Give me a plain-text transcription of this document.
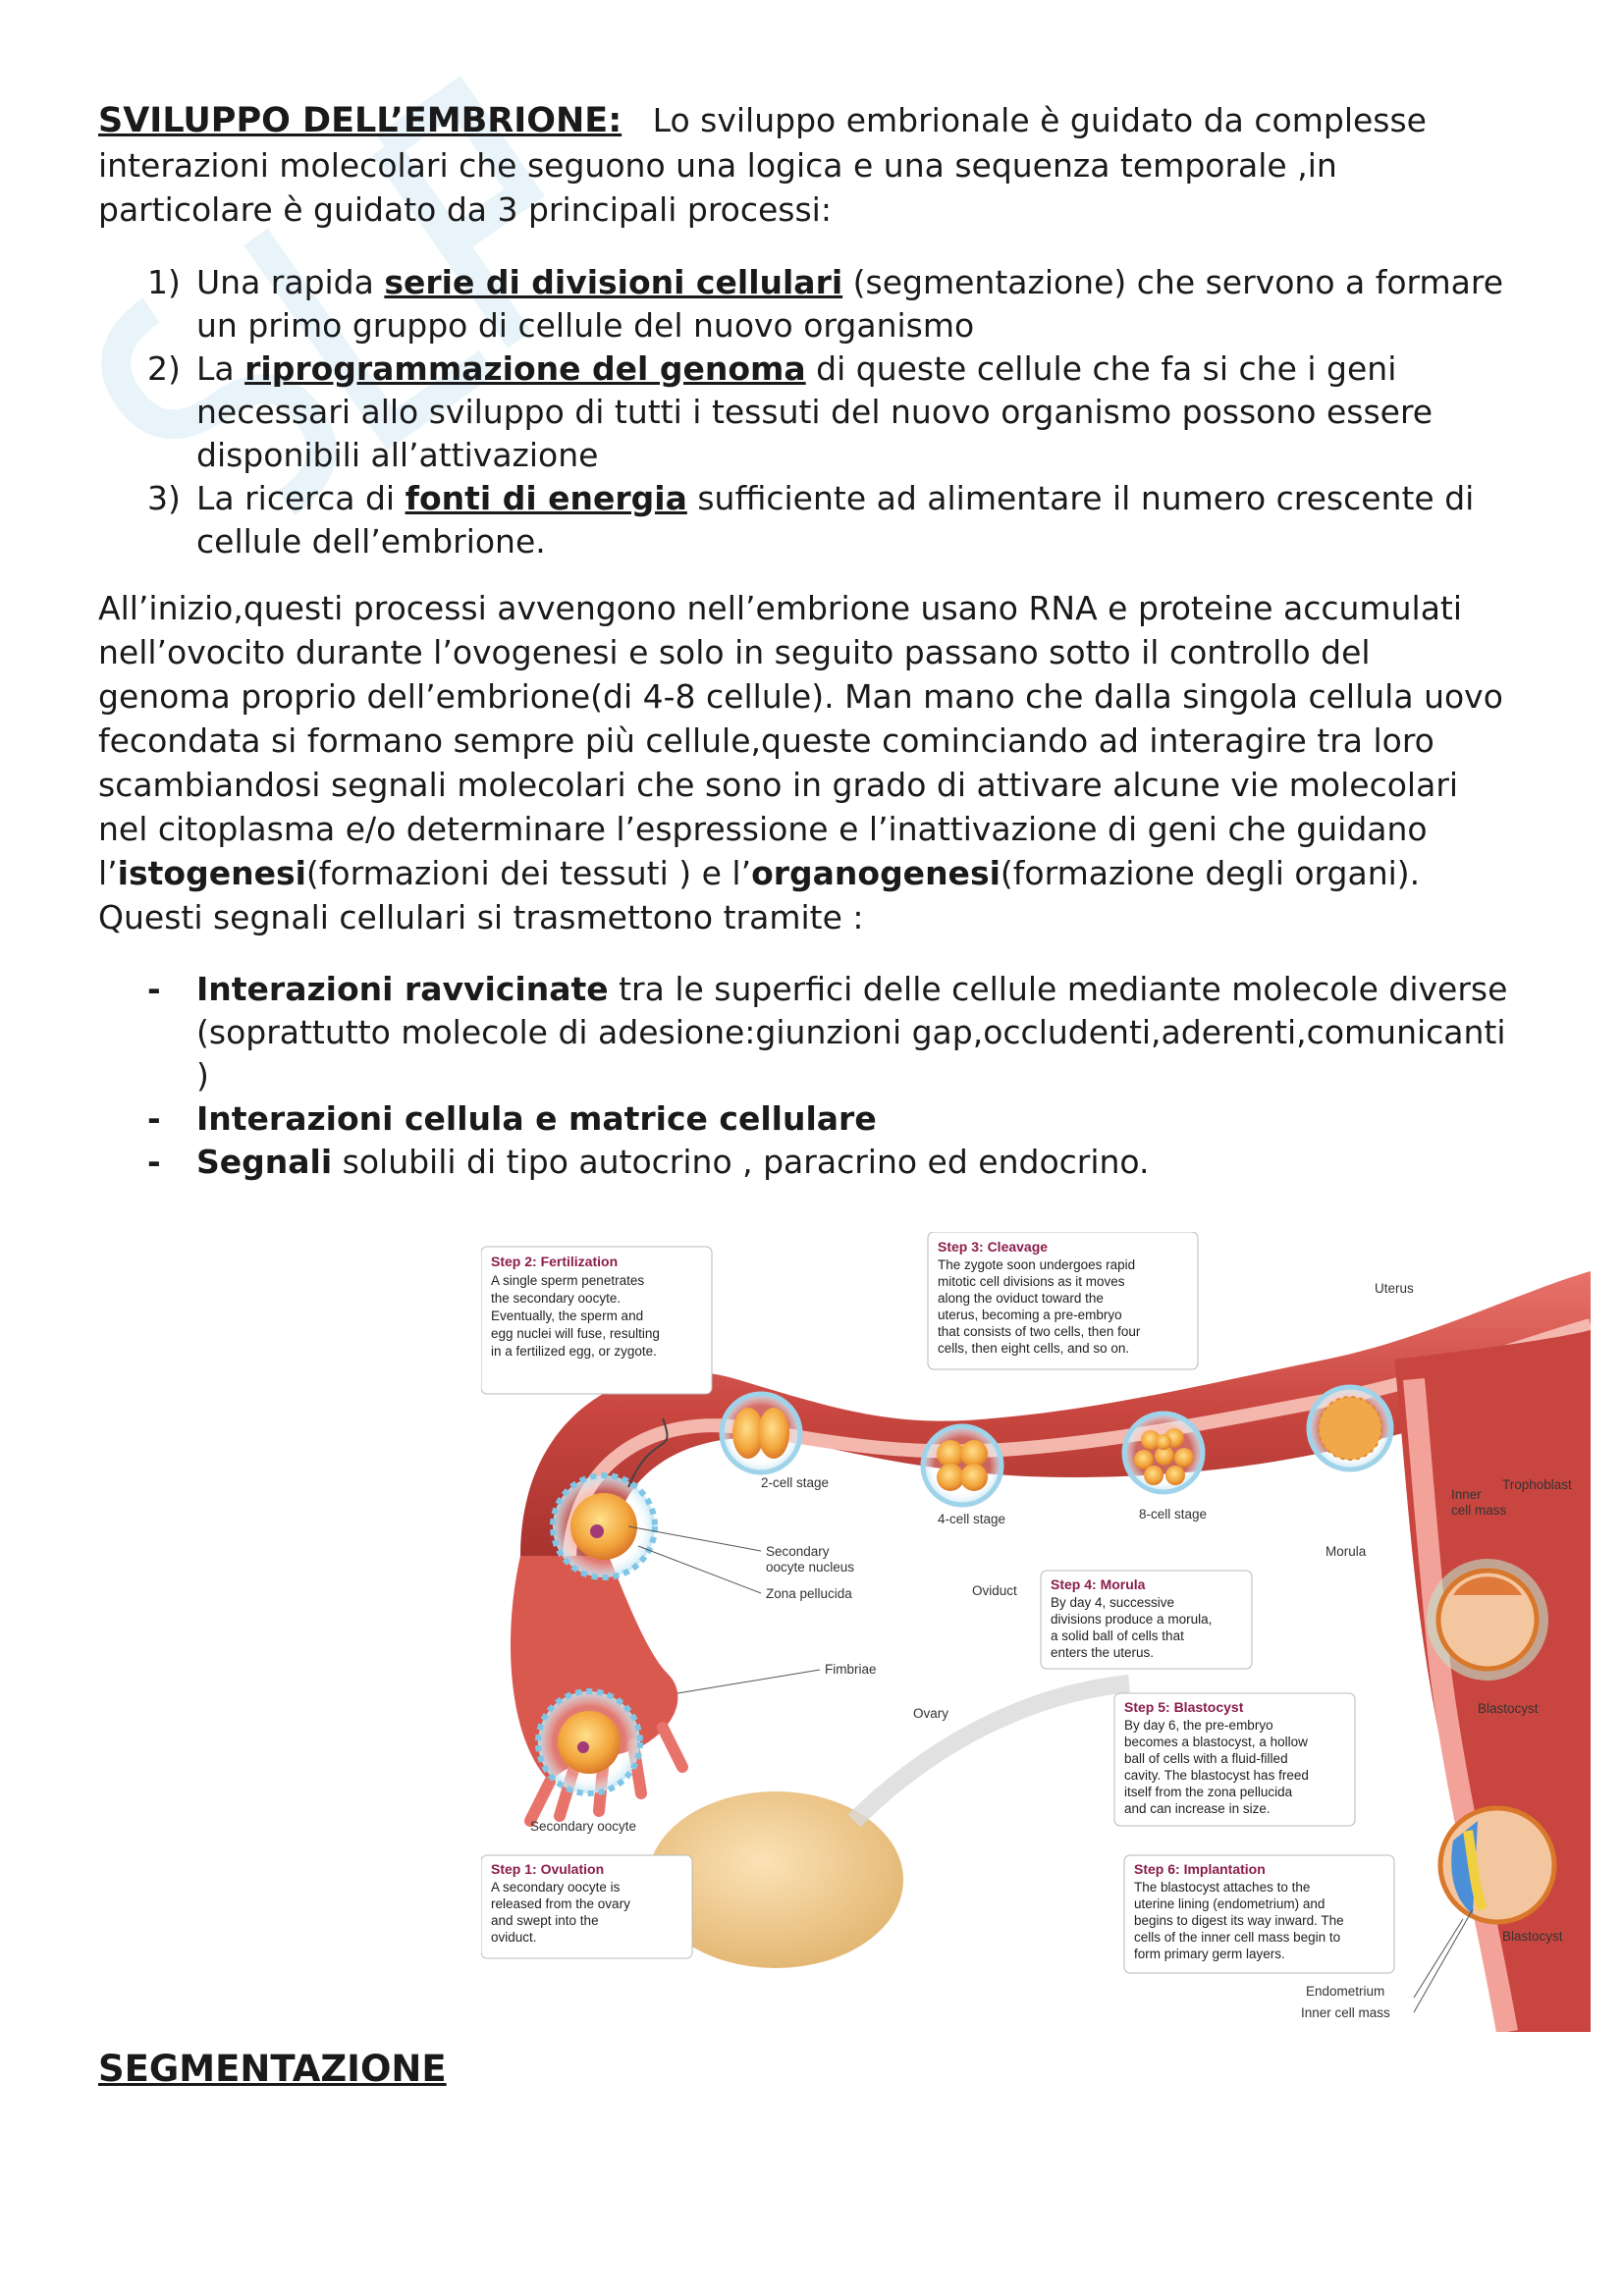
SVILUPPO DELL’EMBRIONE: Lo sviluppo embrionale è guidato da complesse
interazioni molecolari che seguono una logica e una sequenza temporale ,in
particolare è guidato da 3 principali processi:
1) Una rapida serie di divisioni cellulari (segmentazione) che servono a formare
un primo gruppo di cellule del nuovo organismo
2) La riprogrammazione del genoma di queste cellule che fa si che i geni
necessari allo sviluppo di tutti i tessuti del nuovo organismo possono essere
disponibili all’attivazione
3) La ricerca di fonti di energia sufficiente ad alimentare il numero crescente di
cellule dell’embrione.
All’inizio,questi processi avvengono nell’embrione usano RNA e proteine accumulati
nell’ovocito durante l’ovogenesi e solo in seguito passano sotto il controllo del
genoma proprio dell’embrione(di 4-8 cellule). Man mano che dalla singola cellula uovo
fecondata si formano sempre più cellule,queste cominciando ad interagire tra loro
scambiandosi segnali molecolari che sono in grado di attivare alcune vie molecolari
nel citoplasma e/o determinare l’espressione e l’inattivazione di geni che guidano
l’istogenesi(formazioni dei tessuti ) e l’organogenesi(formazione degli organi).
Questi segnali cellulari si trasmettono tramite :
- Interazioni ravvicinate tra le superfici delle cellule mediante molecole diverse
(soprattutto molecole di adesione:giunzioni gap,occludenti,aderenti,comunicanti
)
- Interazioni cellula e matrice cellulare
- Segnali solubili di tipo autocrino , paracrino ed endocrino.
Step 2: Fertilization
A single sperm penetrates
the secondary oocyte.
Eventually, the sperm and
egg nuclei will fuse, resulting
in a fertilized egg, or zygote.
Step 3: Cleavage
The zygote soon undergoes rapid
mitotic cell divisions as it moves
along the oviduct toward the
uterus, becoming a pre-embryo
that consists of two cells, then four
cells, then eight cells, and so on.
Step 4: Morula
By day 4, successive
divisions produce a morula,
a solid ball of cells that
enters the uterus.
Step 5: Blastocyst
By day 6, the pre-embryo
becomes a blastocyst, a hollow
ball of cells with a fluid-filled
cavity. The blastocyst has freed
itself from the zona pellucida
and can increase in size.
Step 6: Implantation
The blastocyst attaches to the
uterine lining (endometrium) and
begins to digest its way inward. The
cells of the inner cell mass begin to
form primary germ layers.
Step 1: Ovulation
A secondary oocyte is
released from the ovary
and swept into the
oviduct.
Uterus
Trophoblast
Inner
cell mass
2-cell stage
4-cell stage	8-cell stage
Morula
Secondary
oocyte nucleus
Zona pellucida	Oviduct
Fimbriae
Ovary
Secondary oocyte
Blastocyst
Blastocyst
Endometrium
Inner cell mass
SEGMENTAZIONE
